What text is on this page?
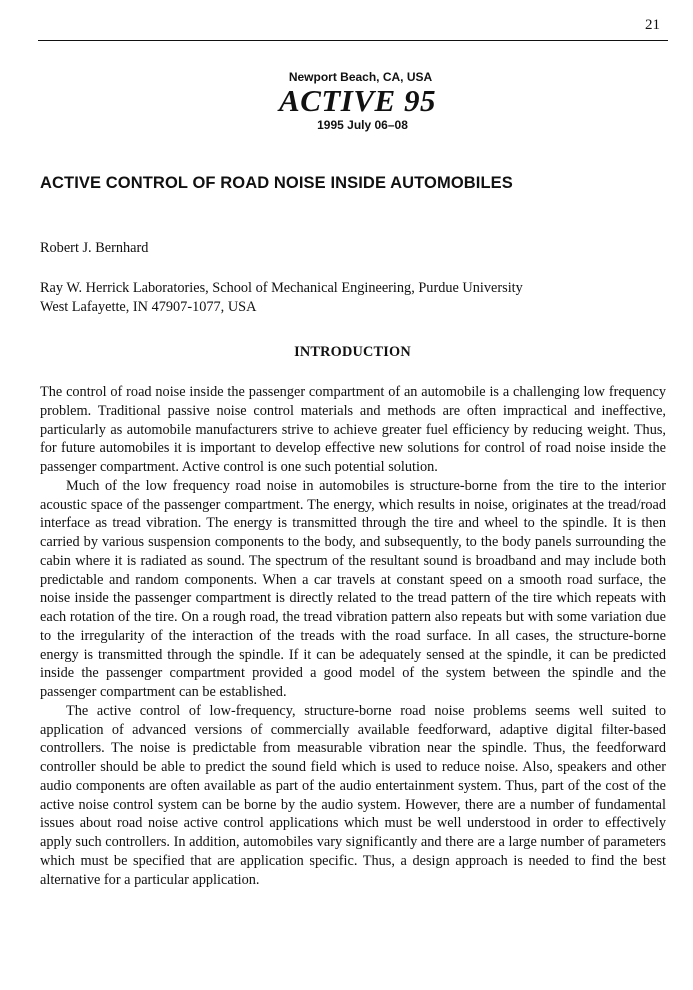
21
Newport Beach, CA, USA
ACTIVE 95
1995 July 06–08
ACTIVE CONTROL OF ROAD NOISE INSIDE AUTOMOBILES
Robert J. Bernhard
Ray W. Herrick Laboratories, School of Mechanical Engineering, Purdue University
West Lafayette, IN 47907-1077, USA
INTRODUCTION

The control of road noise inside the passenger compartment of an automobile is a challenging low frequency problem. Traditional passive noise control materials and methods are often impractical and ineffective, particularly as automobile manufacturers strive to achieve greater fuel efficiency by reducing weight. Thus, for future automobiles it is important to develop effective new solutions for control of road noise inside the passenger compartment. Active control is one such potential solution.

Much of the low frequency road noise in automobiles is structure-borne from the tire to the interior acoustic space of the passenger compartment. The energy, which results in noise, originates at the tread/road interface as tread vibration. The energy is transmitted through the tire and wheel to the spindle. It is then carried by various suspension components to the body, and subsequently, to the body panels surrounding the cabin where it is radiated as sound. The spectrum of the resultant sound is broadband and may include both predictable and random components. When a car travels at constant speed on a smooth road surface, the noise inside the passenger compartment is directly related to the tread pattern of the tire which repeats with each rotation of the tire. On a rough road, the tread vibration pattern also repeats but with some variation due to the irregularity of the interaction of the treads with the road surface. In all cases, the structure-borne energy is transmitted through the spindle. If it can be adequately sensed at the spindle, it can be predicted inside the passenger compartment provided a good model of the system between the spindle and the passenger compartment can be established.

The active control of low-frequency, structure-borne road noise problems seems well suited to application of advanced versions of commercially available feedforward, adaptive digital filter-based controllers. The noise is predictable from measurable vibration near the spindle. Thus, the feedforward controller should be able to predict the sound field which is used to reduce noise. Also, speakers and other audio components are often available as part of the audio entertainment system. Thus, part of the cost of the active noise control system can be borne by the audio system. However, there are a number of fundamental issues about road noise active control applications which must be well understood in order to effectively apply such controllers. In addition, automobiles vary significantly and there are a large number of parameters which must be specified that are application specific. Thus, a design approach is needed to find the best alternative for a particular application.
